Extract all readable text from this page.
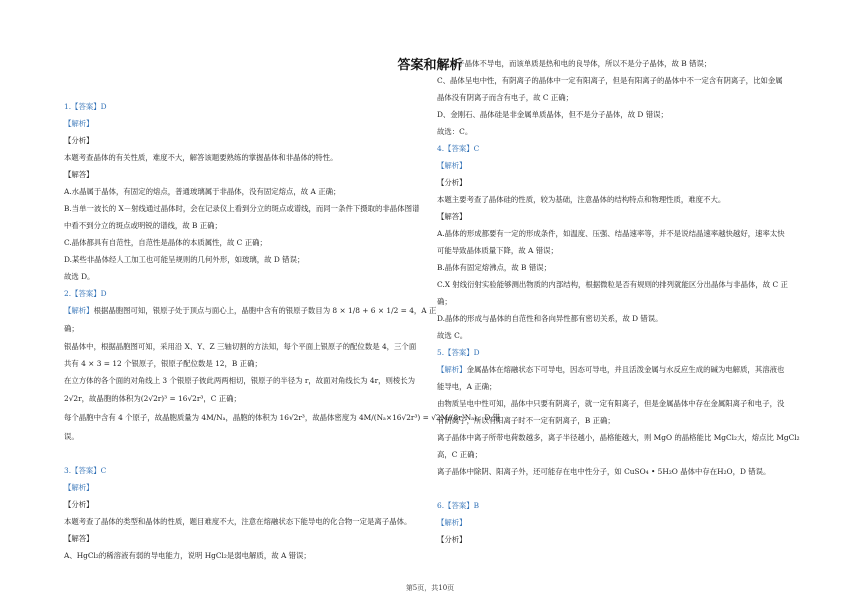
答案和解析
1.【答案】D
【解析】
【分析】
本题考查晶体的有关性质，难度不大，解答该题要熟练的掌握晶体和非晶体的特性。
【解答】
A.水晶属于晶体，有固定的熔点，普通玻璃属于非晶体，没有固定熔点，故 A 正确；
B.当单一波长的 X－射线通过晶体时，会在记录仪上看到分立的斑点或谱线，而同一条件下摄取的非晶体图谱
中看不到分立的斑点或明锐的谱线，故 B 正确；
C.晶体都具有自范性，自范性是晶体的本质属性，故 C 正确；
D.某些非晶体经人工加工也可能呈规则的几何外形，如玻璃，故 D 错误；
故选 D。
2.【答案】D
【解析】根据晶胞图可知，银原子处于顶点与面心上，晶胞中含有的银原子数目为 8 × 1/8 + 6 × 1/2 = 4，A 正
确；
银晶体中，根据晶胞图可知，采用沿 X、Y、Z 三轴切割的方法知，每个平面上银原子的配位数是 4，三个面
共有 4 × 3 = 12 个银原子，银原子配位数是 12，B 正确；
在立方体的各个面的对角线上 3 个银原子彼此两两相切，银原子的半径为 r，故面对角线长为 4r，则棱长为
2√2r，故晶胞的体积为(2√2r)³ = 16√2r³，C 正确；
每个晶胞中含有 4 个原子，故晶胞质量为 4M/Nₐ，晶胞的体积为 16√2r³，故晶体密度为 4M/(Nₐ×16√2r³) = √2M/(8r³Nₐ)，D 错
误。
3.【答案】C
【解析】
【分析】
本题考查了晶体的类型和晶体的性质，题目难度不大，注意在熔融状态下能导电的化合物一定是离子晶体。
【解答】
A、HgCl₂的稀溶液有弱的导电能力，说明 HgCl₂是弱电解质，故 A 错误；
B、分子晶体不导电，而该单质是热和电的良导体，所以不是分子晶体，故 B 错误；
C、晶体呈电中性，有阴离子的晶体中一定有阳离子，但是有阳离子的晶体中不一定含有阴离子，比如金属
晶体没有阴离子而含有电子，故 C 正确；
D、金刚石、晶体硅是非金属单质晶体，但不是分子晶体，故 D 错误；
故选：C。
4.【答案】C
【解析】
【分析】
本题主要考查了晶体硅的性质，较为基础，注意晶体的结构特点和物理性质，难度不大。
【解答】
A.晶体的形成都要有一定的形成条件，如温度、压强、结晶速率等，并不是说结晶速率越快越好，速率太快
可能导致晶体质量下降，故 A 错误；
B.晶体有固定熔沸点，故 B 错误；
C.X 射线衍射实验能够测出物质的内部结构，根据微粒是否有规则的排列就能区分出晶体与非晶体，故 C 正
确；
D.晶体的形成与晶体的自范性和各向异性都有密切关系，故 D 错误。
故选 C。
5.【答案】D
【解析】金属晶体在熔融状态下可导电，因态可导电，并且活泼金属与水反应生成的碱为电解质，其溶液也
能导电，A 正确；
由物质呈电中性可知，晶体中只要有阴离子，就一定有阳离子，但是金属晶体中存在金属阳离子和电子，没
有阴离子，所以有阳离子时不一定有阴离子，B 正确；
离子晶体中离子所带电荷数越多，离子半径越小，晶格能越大，则 MgO 的晶格能比 MgCl₂大，熔点比 MgCl₂
高，C 正确；
离子晶体中除阴、阳离子外，还可能存在电中性分子，如 CuSO₄ • 5H₂O 晶体中存在H₂O，D 错误。
6.【答案】B
【解析】
【分析】
第5页，共10页
